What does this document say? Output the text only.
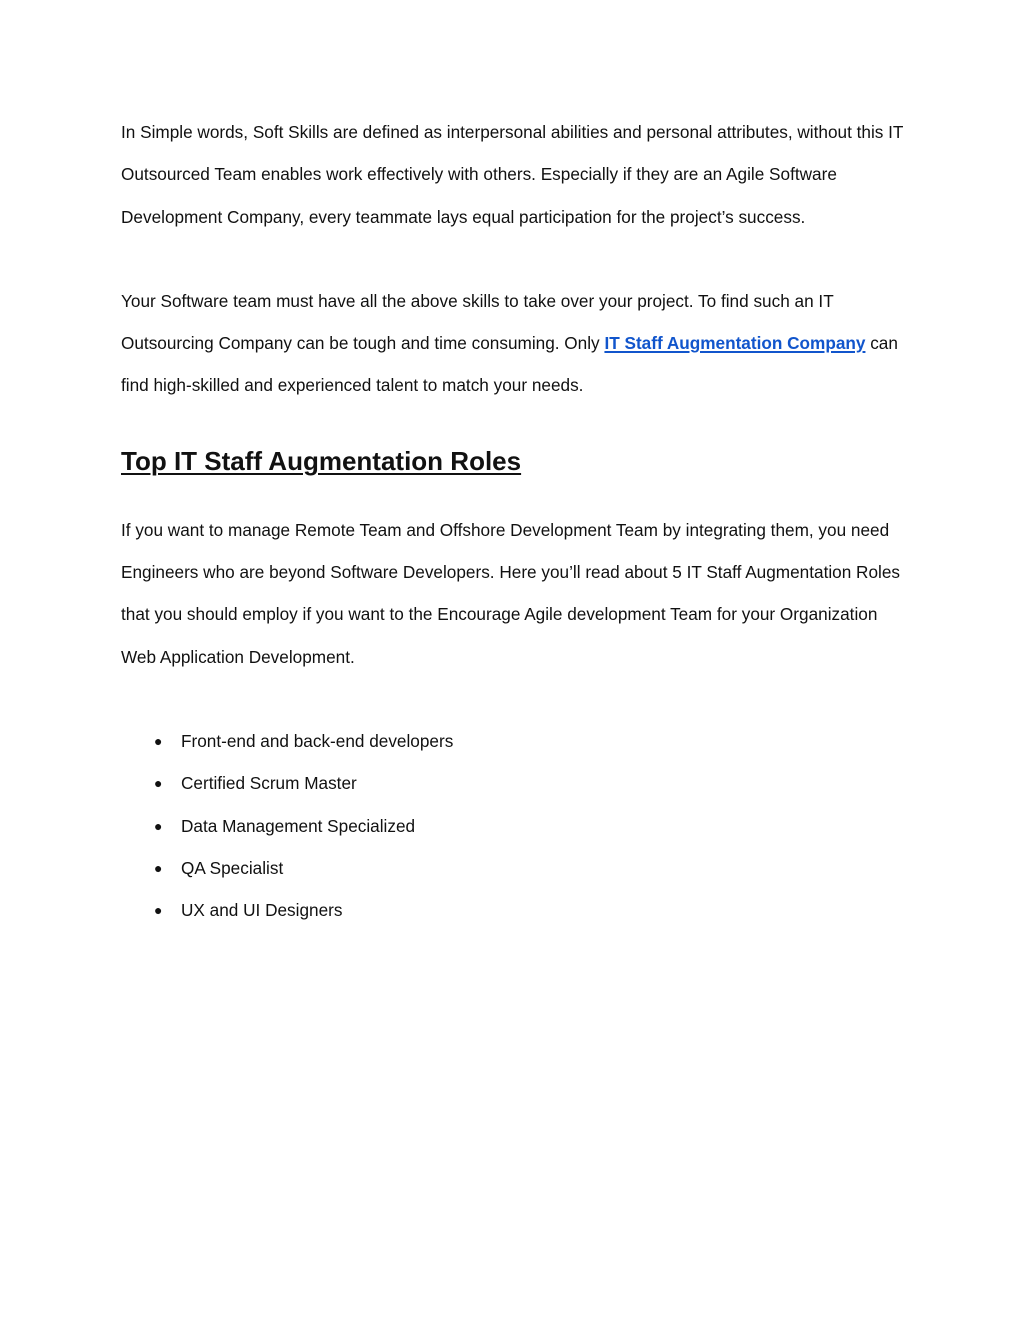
In Simple words, Soft Skills are defined as interpersonal abilities and personal attributes, without this IT Outsourced Team enables work effectively with others. Especially if they are an Agile Software Development Company, every teammate lays equal participation for the project’s success.

Your Software team must have all the above skills to take over your project. To find such an IT Outsourcing Company can be tough and time consuming. Only IT Staff Augmentation Company can find high-skilled and experienced talent to match your needs.

Top IT Staff Augmentation Roles

If you want to manage Remote Team and Offshore Development Team by integrating them, you need Engineers who are beyond Software Developers. Here you’ll read about 5 IT Staff Augmentation Roles that you should employ if you want to the Encourage Agile development Team for your Organization Web Application Development.

● Front-end and back-end developers
● Certified Scrum Master
● Data Management Specialized
● QA Specialist
● UX and UI Designers
